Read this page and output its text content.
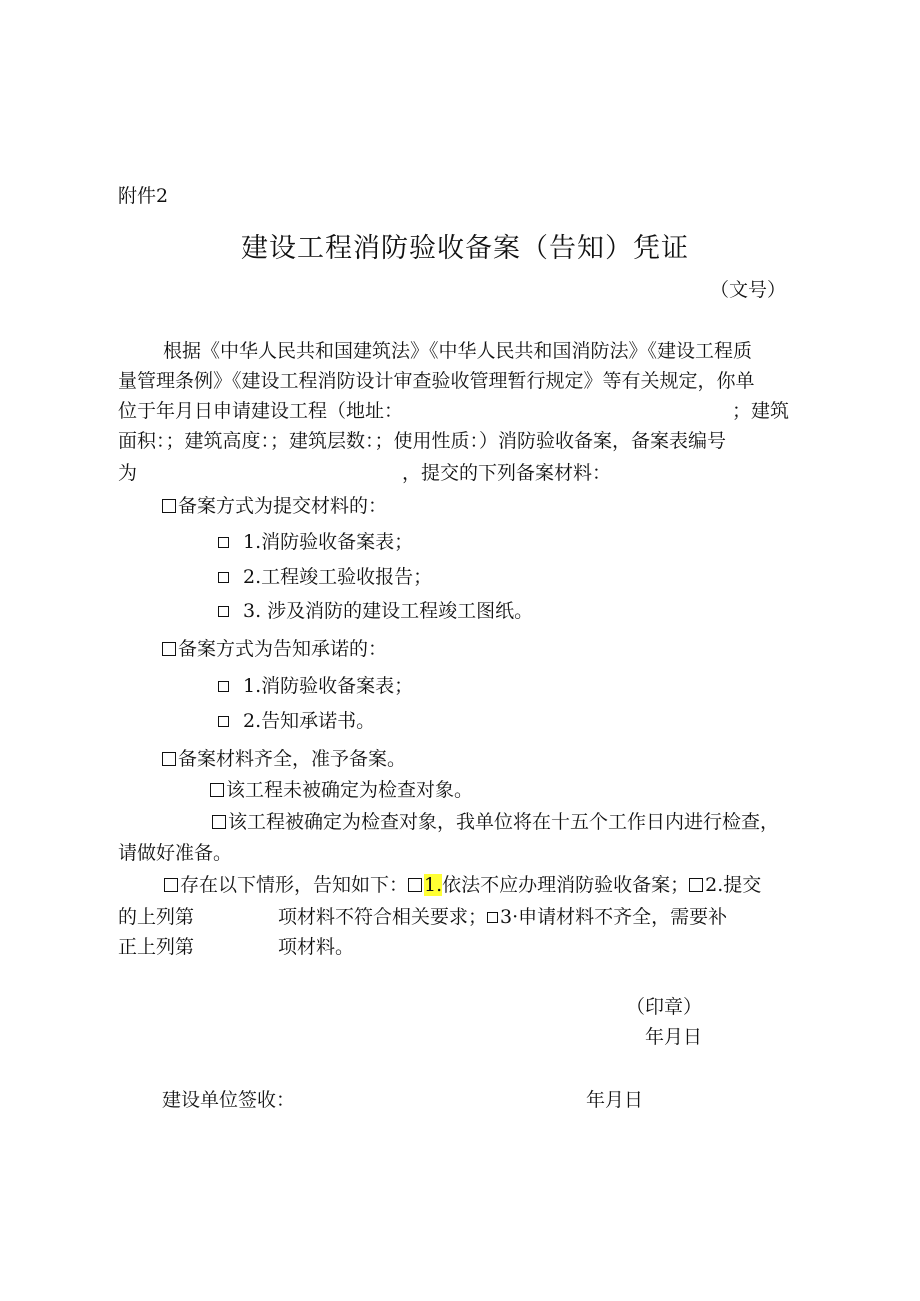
附件2
建设工程消防验收备案（告知）凭证
（文号）
根据《中华人民共和国建筑法》《中华人民共和国消防法》《建设工程质
量管理条例》《建设工程消防设计审查验收管理暂行规定》等有关规定，你单
位于年月日申请建设工程（地址：	；建筑
面积：；建筑高度：；建筑层数：；使用性质：）消防验收备案，备案表编号
为	，提交的下列备案材料：
备案方式为提交材料的：
1.消防验收备案表；
2.工程竣工验收报告；
3. 涉及消防的建设工程竣工图纸。
备案方式为告知承诺的：
1.消防验收备案表；
2.告知承诺书。
备案材料齐全，准予备案。
该工程未被确定为检查对象。
该工程被确定为检查对象，我单位将在十五个工作日内进行检查，
请做好准备。
存在以下情形，告知如下： 1.依法不应办理消防验收备案； 2.提交
的上列第	项材料不符合相关要求； 3·申请材料不齐全，需要补
正上列第	项材料。
（印章）
年月日
建设单位签收：	年月日
